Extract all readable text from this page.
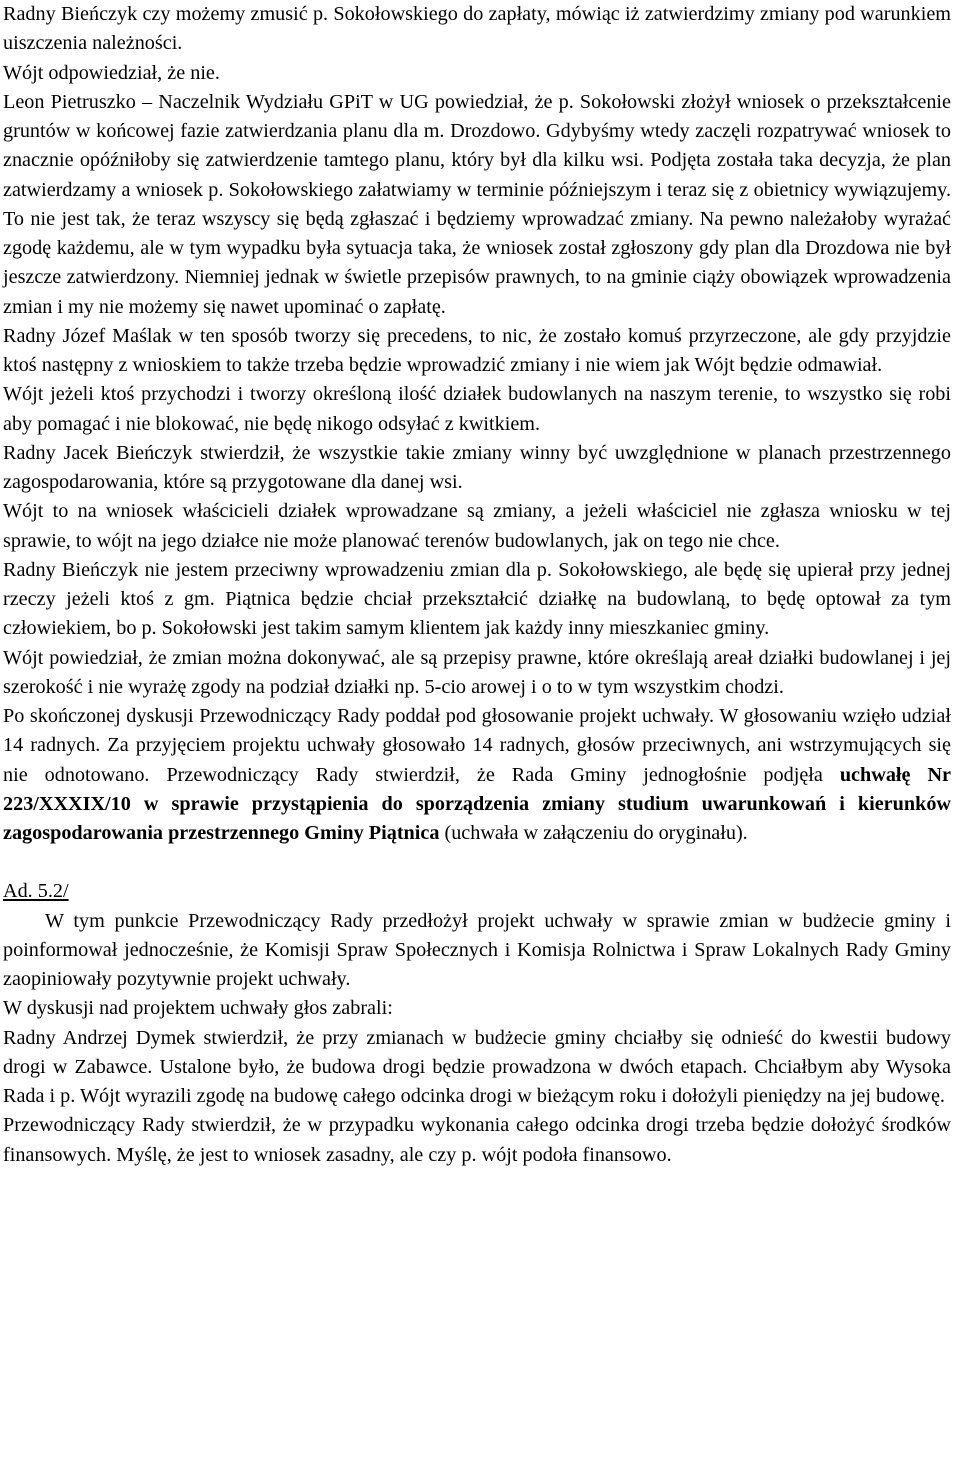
Radny Bieńczyk czy możemy zmusić p. Sokołowskiego do zapłaty, mówiąc iż zatwierdzimy zmiany pod warunkiem uiszczenia należności.

Wójt odpowiedział, że nie.

Leon Pietruszko – Naczelnik Wydziału GPiT w UG powiedział, że p. Sokołowski złożył wniosek o przekształcenie gruntów w końcowej fazie zatwierdzania planu dla m. Drozdowo. Gdybyśmy wtedy zaczęli rozpatrywać wniosek to znacznie opóźniłoby się zatwierdzenie tamtego planu, który był dla kilku wsi. Podjęta została taka decyzja, że plan zatwierdzamy a wniosek p. Sokołowskiego załatwiamy w terminie późniejszym i teraz się z obietnicy wywiązujemy. To nie jest tak, że teraz wszyscy się będą zgłaszać i będziemy wprowadzać zmiany. Na pewno należałoby wyrażać zgodę każdemu, ale w tym wypadku była sytuacja taka, że wniosek został zgłoszony gdy plan dla Drozdowa nie był jeszcze zatwierdzony. Niemniej jednak w świetle przepisów prawnych, to na gminie ciąży obowiązek wprowadzenia zmian i my nie możemy się nawet upominać o zapłatę.

Radny Józef Maślak w ten sposób tworzy się precedens, to nic, że zostało komuś przyrzeczone, ale gdy przyjdzie ktoś następny z wnioskiem to także trzeba będzie wprowadzić zmiany i nie wiem jak Wójt będzie odmawiał.

Wójt jeżeli ktoś przychodzi i tworzy określoną ilość działek budowlanych na naszym terenie, to wszystko się robi aby pomagać i nie blokować, nie będę nikogo odsyłać z kwitkiem.

Radny Jacek Bieńczyk stwierdził, że wszystkie takie zmiany winny być uwzględnione w planach przestrzennego zagospodarowania, które są przygotowane dla danej wsi.

Wójt to na wniosek właścicieli działek wprowadzane są zmiany, a jeżeli właściciel nie zgłasza wniosku w tej sprawie, to wójt na jego działce nie może planować terenów budowlanych, jak on tego nie chce.

Radny Bieńczyk nie jestem przeciwny wprowadzeniu zmian dla p. Sokołowskiego, ale będę się upierał przy jednej rzeczy jeżeli ktoś z gm. Piątnica będzie chciał przekształcić działkę na budowlaną, to będę optował za tym człowiekiem, bo p. Sokołowski jest takim samym klientem jak każdy inny mieszkaniec gminy.

Wójt powiedział, że zmian można dokonywać, ale są przepisy prawne, które określają areał działki budowlanej i jej szerokość i nie wyrażę zgody na podział działki np. 5-cio arowej i o to w tym wszystkim chodzi.

Po skończonej dyskusji Przewodniczący Rady poddał pod głosowanie projekt uchwały. W głosowaniu wzięło udział 14 radnych. Za przyjęciem projektu uchwały głosowało 14 radnych, głosów przeciwnych, ani wstrzymujących się nie odnotowano. Przewodniczący Rady stwierdził, że Rada Gminy jednogłośnie podjęła uchwałę Nr 223/XXXIX/10 w sprawie przystąpienia do sporządzenia zmiany studium uwarunkowań i kierunków zagospodarowania przestrzennego Gminy Piątnica (uchwała w załączeniu do oryginału).

Ad. 5.2/

W tym punkcie Przewodniczący Rady przedłożył projekt uchwały w sprawie zmian w budżecie gminy i poinformował jednocześnie, że Komisji Spraw Społecznych i Komisja Rolnictwa i Spraw Lokalnych Rady Gminy zaopiniowały pozytywnie projekt uchwały.

W dyskusji nad projektem uchwały głos zabrali:

Radny Andrzej Dymek stwierdził, że przy zmianach w budżecie gminy chciałby się odnieść do kwestii budowy drogi w Zabawce. Ustalone było, że budowa drogi będzie prowadzona w dwóch etapach. Chciałbym aby Wysoka Rada i p. Wójt wyrazili zgodę na budowę całego odcinka drogi w bieżącym roku i dołożyli pieniędzy na jej budowę.

Przewodniczący Rady stwierdził, że w przypadku wykonania całego odcinka drogi trzeba będzie dołożyć środków finansowych. Myślę, że jest to wniosek zasadny, ale czy p. wójt podoła finansowo.
